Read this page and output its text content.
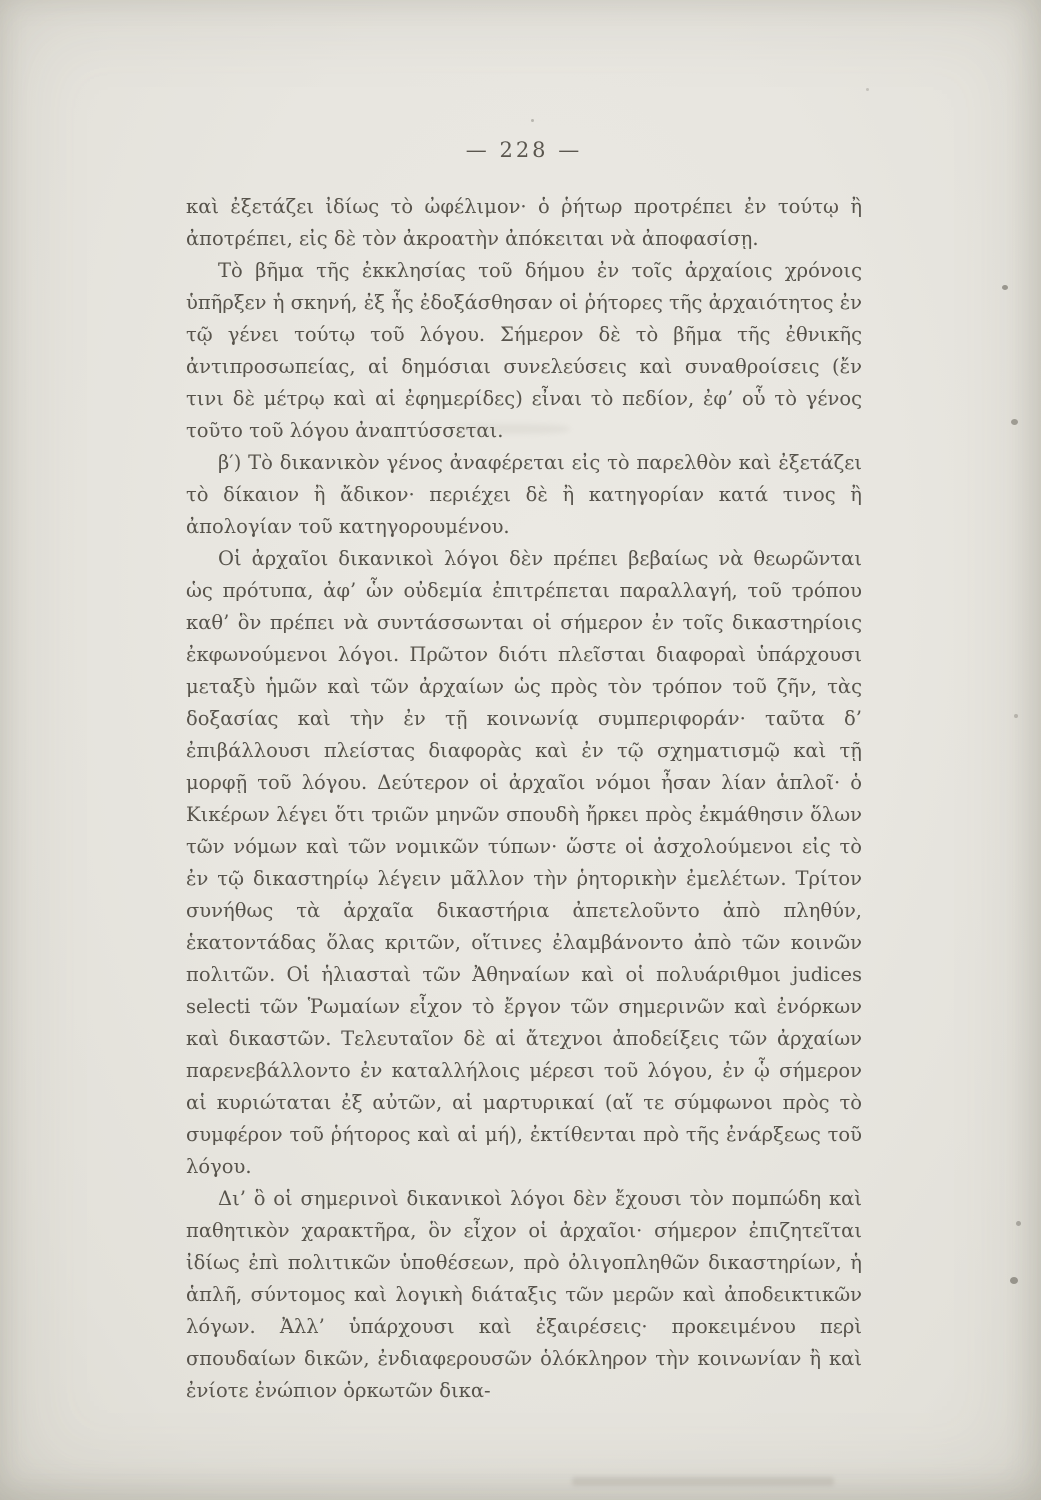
— 228 —

καὶ ἐξετάζει ἰδίως τὸ ὠφέλιμον· ὁ ῥήτωρ προτρέπει ἐν τούτῳ ἢ ἀποτρέπει, εἰς δὲ τὸν ἀκροατὴν ἀπόκειται νὰ ἀποφασίσῃ.

Τὸ βῆμα τῆς ἐκκλησίας τοῦ δήμου ἐν τοῖς ἀρχαίοις χρόνοις ὑπῆρξεν ἡ σκηνή, ἐξ ἧς ἐδοξάσθησαν οἱ ῥήτορες τῆς ἀρχαιότητος ἐν τῷ γένει τούτῳ τοῦ λόγου. Σήμερον δὲ τὸ βῆμα τῆς ἐθνικῆς ἀντιπροσωπείας, αἱ δημόσιαι συνελεύσεις καὶ συναθροίσεις (ἔν τινι δὲ μέτρῳ καὶ αἱ ἐφημερίδες) εἶναι τὸ πεδίον, ἐφ’ οὗ τὸ γένος τοῦτο τοῦ λόγου ἀναπτύσσεται.

β′) Τὸ δικανικὸν γένος ἀναφέρεται εἰς τὸ παρελθὸν καὶ ἐξετάζει τὸ δίκαιον ἢ ἄδικον· περιέχει δὲ ἢ κατηγορίαν κατά τινος ἢ ἀπολογίαν τοῦ κατηγορουμένου.

Οἱ ἀρχαῖοι δικανικοὶ λόγοι δὲν πρέπει βεβαίως νὰ θεωρῶνται ὡς πρότυπα, ἀφ’ ὧν οὐδεμία ἐπιτρέπεται παραλλαγή, τοῦ τρόπου καθ’ ὃν πρέπει νὰ συντάσσωνται οἱ σήμερον ἐν τοῖς δικαστηρίοις ἐκφωνούμενοι λόγοι. Πρῶτον διότι πλεῖσται διαφοραὶ ὑπάρχουσι μεταξὺ ἡμῶν καὶ τῶν ἀρχαίων ὡς πρὸς τὸν τρόπον τοῦ ζῆν, τὰς δοξασίας καὶ τὴν ἐν τῇ κοινωνίᾳ συμπεριφοράν· ταῦτα δ’ ἐπιβάλλουσι πλείστας διαφορὰς καὶ ἐν τῷ σχηματισμῷ καὶ τῇ μορφῇ τοῦ λόγου. Δεύτερον οἱ ἀρχαῖοι νόμοι ἦσαν λίαν ἁπλοῖ· ὁ Κικέρων λέγει ὅτι τριῶν μηνῶν σπουδὴ ἤρκει πρὸς ἐκμάθησιν ὅλων τῶν νόμων καὶ τῶν νομικῶν τύπων· ὥστε οἱ ἀσχολούμενοι εἰς τὸ ἐν τῷ δικαστηρίῳ λέγειν μᾶλλον τὴν ῥητορικὴν ἐμελέτων. Τρίτον συνήθως τὰ ἀρχαῖα δικαστήρια ἀπετελοῦντο ἀπὸ πληθύν, ἑκατοντάδας ὅλας κριτῶν, οἵτινες ἐλαμβάνοντο ἀπὸ τῶν κοινῶν πολιτῶν. Οἱ ἡλιασταὶ τῶν Ἀθηναίων καὶ οἱ πολυάριθμοι judices selecti τῶν Ῥωμαίων εἶχον τὸ ἔργον τῶν σημερινῶν καὶ ἐνόρκων καὶ δικαστῶν. Τελευταῖον δὲ αἱ ἄτεχνοι ἀποδείξεις τῶν ἀρχαίων παρενεβάλλοντο ἐν καταλλήλοις μέρεσι τοῦ λόγου, ἐν ᾧ σήμερον αἱ κυριώταται ἐξ αὐτῶν, αἱ μαρτυρικαί (αἵ τε σύμφωνοι πρὸς τὸ συμφέρον τοῦ ῥήτορος καὶ αἱ μή), ἐκτίθενται πρὸ τῆς ἐνάρξεως τοῦ λόγου.

Δι’ ὃ οἱ σημερινοὶ δικανικοὶ λόγοι δὲν ἔχουσι τὸν πομπώδη καὶ παθητικὸν χαρακτῆρα, ὃν εἶχον οἱ ἀρχαῖοι· σήμερον ἐπιζητεῖται ἰδίως ἐπὶ πολιτικῶν ὑποθέσεων, πρὸ ὀλιγοπληθῶν δικαστηρίων, ἡ ἁπλῆ, σύντομος καὶ λογικὴ διάταξις τῶν μερῶν καὶ ἀποδεικτικῶν λόγων. Ἀλλ’ ὑπάρχουσι καὶ ἐξαιρέσεις· προκειμένου περὶ σπουδαίων δικῶν, ἐνδιαφερουσῶν ὁλόκληρον τὴν κοινωνίαν ἢ καὶ ἐνίοτε ἐνώπιον ὁρκωτῶν δικα-
